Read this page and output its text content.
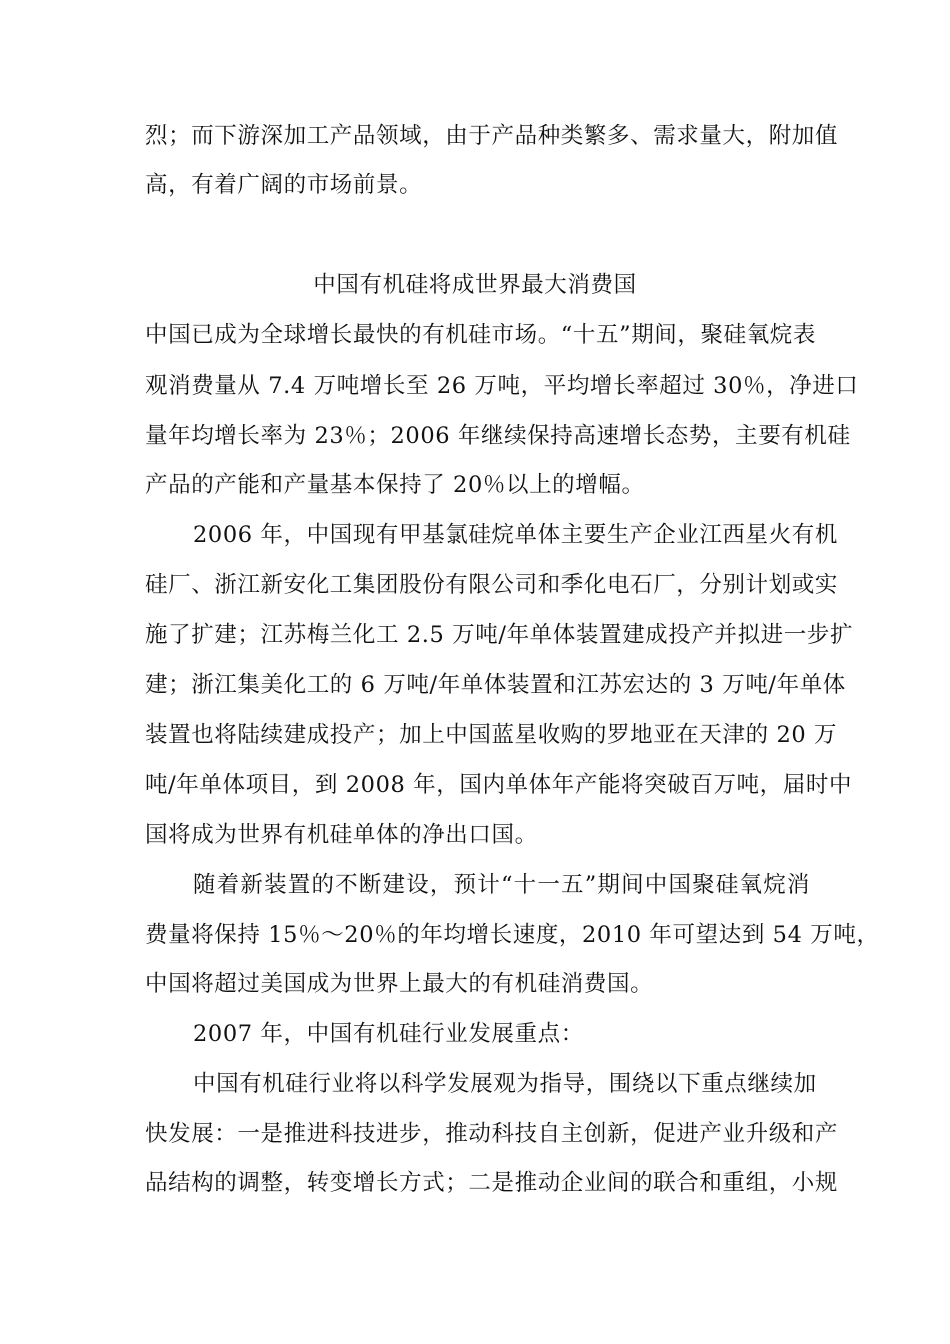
烈；而下游深加工产品领域，由于产品种类繁多、需求量大，附加值
高，有着广阔的市场前景。
中国有机硅将成世界最大消费国
中国已成为全球增长最快的有机硅市场。“十五”期间，聚硅氧烷表
观消费量从 7.4 万吨增长至 26 万吨，平均增长率超过 30％，净进口
量年均增长率为 23％；2006 年继续保持高速增长态势，主要有机硅
产品的产能和产量基本保持了 20％以上的增幅。
2006 年，中国现有甲基氯硅烷单体主要生产企业江西星火有机
硅厂、浙江新安化工集团股份有限公司和季化电石厂，分别计划或实
施了扩建；江苏梅兰化工 2.5 万吨/年单体装置建成投产并拟进一步扩
建；浙江集美化工的 6 万吨/年单体装置和江苏宏达的 3 万吨/年单体
装置也将陆续建成投产；加上中国蓝星收购的罗地亚在天津的 20 万
吨/年单体项目，到 2008 年，国内单体年产能将突破百万吨，届时中
国将成为世界有机硅单体的净出口国。
随着新装置的不断建设，预计“十一五”期间中国聚硅氧烷消
费量将保持 15％～20％的年均增长速度，2010 年可望达到 54 万吨，
中国将超过美国成为世界上最大的有机硅消费国。
2007 年，中国有机硅行业发展重点：
中国有机硅行业将以科学发展观为指导，围绕以下重点继续加
快发展：一是推进科技进步，推动科技自主创新，促进产业升级和产
品结构的调整，转变增长方式；二是推动企业间的联合和重组，小规
